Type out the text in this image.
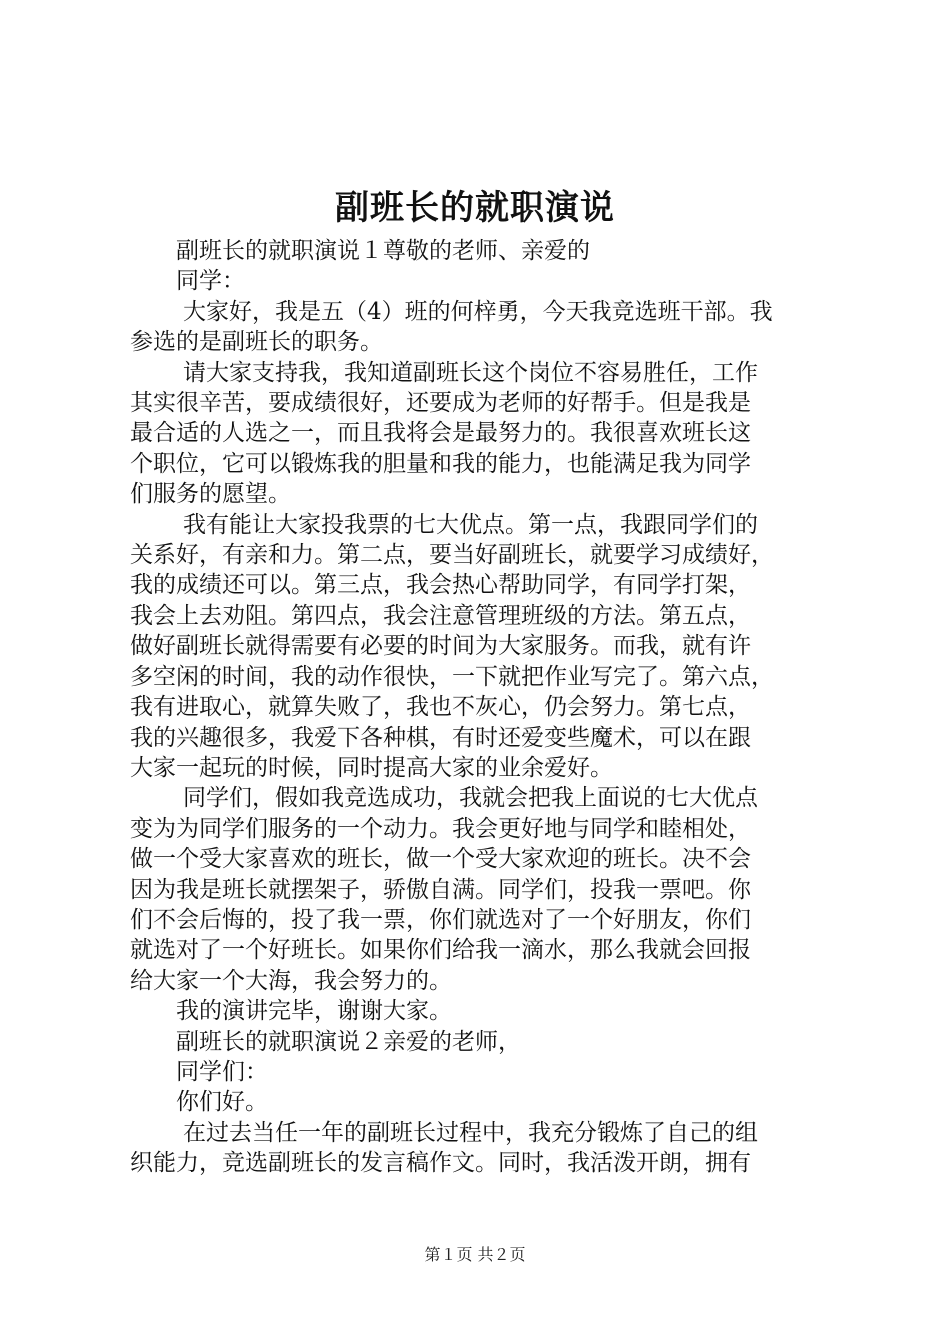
副班长的就职演说
副班长的就职演说１尊敬的老师、亲爱的
同学：
大家好，我是五（4）班的何梓勇，今天我竞选班干部。我
参选的是副班长的职务。
请大家支持我，我知道副班长这个岗位不容易胜任，工作
其实很辛苦，要成绩很好，还要成为老师的好帮手。但是我是
最合适的人选之一，而且我将会是最努力的。我很喜欢班长这
个职位，它可以锻炼我的胆量和我的能力，也能满足我为同学
们服务的愿望。
我有能让大家投我票的七大优点。第一点，我跟同学们的
关系好，有亲和力。第二点，要当好副班长，就要学习成绩好，
我的成绩还可以。第三点，我会热心帮助同学，有同学打架，
我会上去劝阻。第四点，我会注意管理班级的方法。第五点，
做好副班长就得需要有必要的时间为大家服务。而我，就有许
多空闲的时间，我的动作很快，一下就把作业写完了。第六点，
我有进取心，就算失败了，我也不灰心，仍会努力。第七点，
我的兴趣很多，我爱下各种棋，有时还爱变些魔术，可以在跟
大家一起玩的时候，同时提高大家的业余爱好。
同学们，假如我竞选成功，我就会把我上面说的七大优点
变为为同学们服务的一个动力。我会更好地与同学和睦相处，
做一个受大家喜欢的班长，做一个受大家欢迎的班长。决不会
因为我是班长就摆架子，骄傲自满。同学们，投我一票吧。你
们不会后悔的，投了我一票，你们就选对了一个好朋友，你们
就选对了一个好班长。如果你们给我一滴水，那么我就会回报
给大家一个大海，我会努力的。
我的演讲完毕，谢谢大家。
副班长的就职演说２亲爱的老师，
同学们：
你们好。
在过去当任一年的副班长过程中，我充分锻炼了自己的组
织能力，竞选副班长的发言稿作文。同时，我活泼开朗，拥有
第１页 共２页
